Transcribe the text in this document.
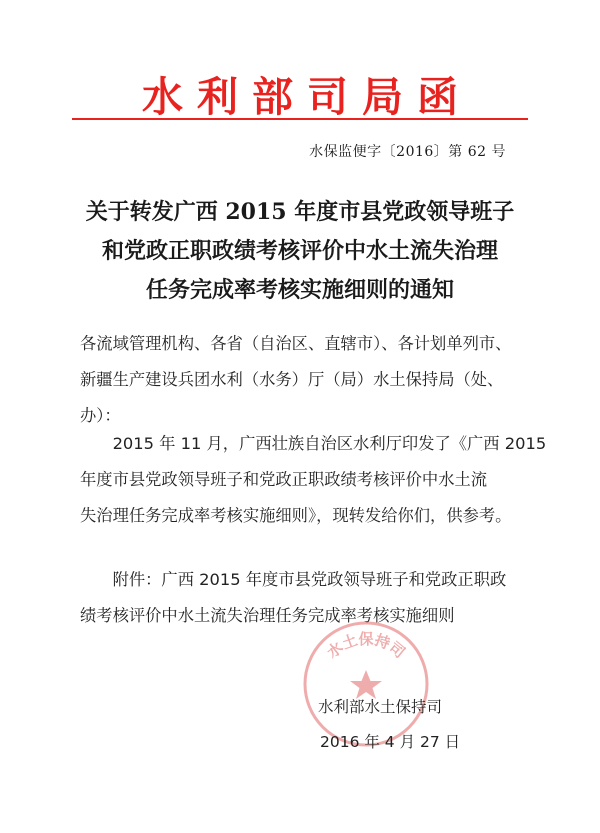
水利部司局函
水保监便字〔2016〕第 62 号
关于转发广西 2015 年度市县党政领导班子
和党政正职政绩考核评价中水土流失治理
任务完成率考核实施细则的通知
各流域管理机构、各省（自治区、直辖市）、各计划单列市、
新疆生产建设兵团水利（水务）厅（局）水土保持局（处、
办）：
　　2015 年 11 月，广西壮族自治区水利厅印发了《广西 2015
年度市县党政领导班子和党政正职政绩考核评价中水土流
失治理任务完成率考核实施细则》，现转发给你们，供参考。
　　附件：广西 2015 年度市县党政领导班子和党政正职政
绩考核评价中水土流失治理任务完成率考核实施细则
水土保持司
水利部水土保持司
2016 年 4 月 27 日
